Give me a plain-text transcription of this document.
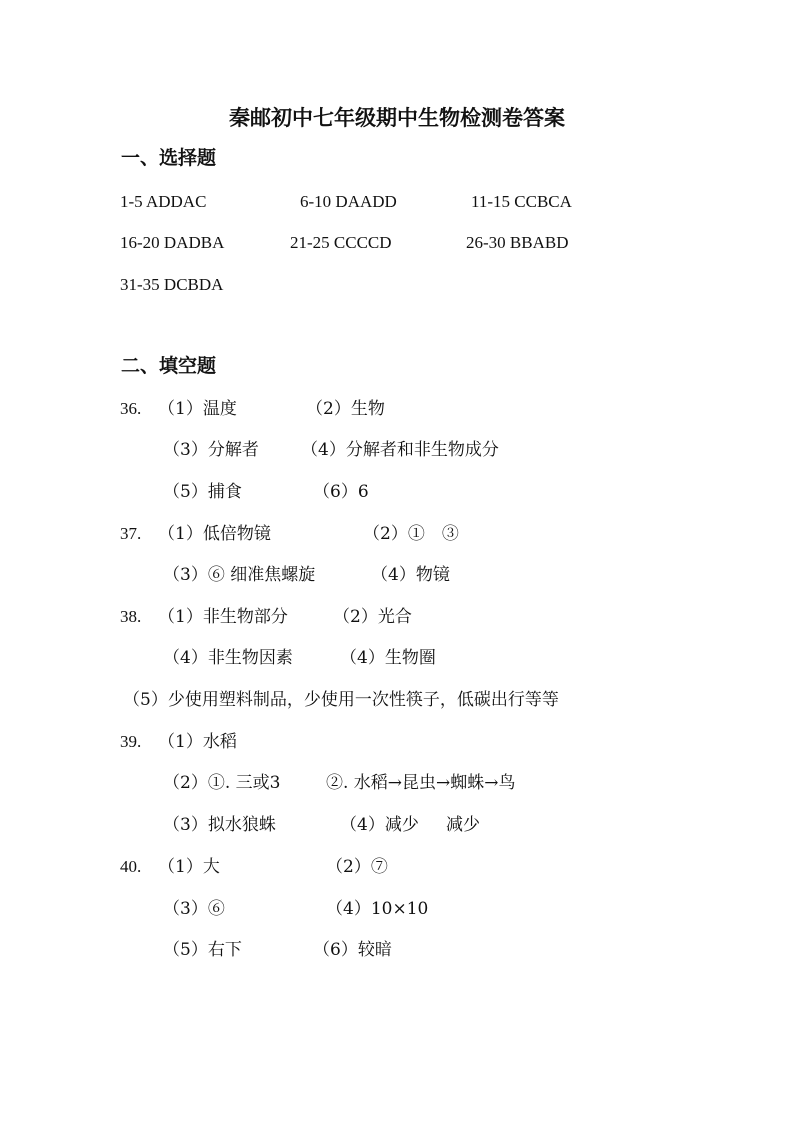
秦邮初中七年级期中生物检测卷答案
一、选择题
1-5 ADDAC	6-10 DAADD	11-15 CCBCA
16-20 DADBA	21-25 CCCCD	26-30 BBABD
31-35 DCBDA
二、填空题
36. （1）温度	（2）生物
（3）分解者 （4）分解者和非生物成分
（5）捕食	（6）6
37. （1）低倍物镜	（2）①　③
（3）⑥ 细准焦螺旋	（4）物镜
38. （1）非生物部分	（2）光合
（4）非生物因素	（4）生物圈
（5）少使用塑料制品，少使用一次性筷子，低碳出行等等
39. （1）水稻
（2）①. 三或3	②. 水稻→昆虫→蜘蛛→鸟
（3）拟水狼蛛	（4）减少 减少
40. （1）大	（2）⑦
（3）⑥	（4）10×10
（5）右下	（6）较暗
